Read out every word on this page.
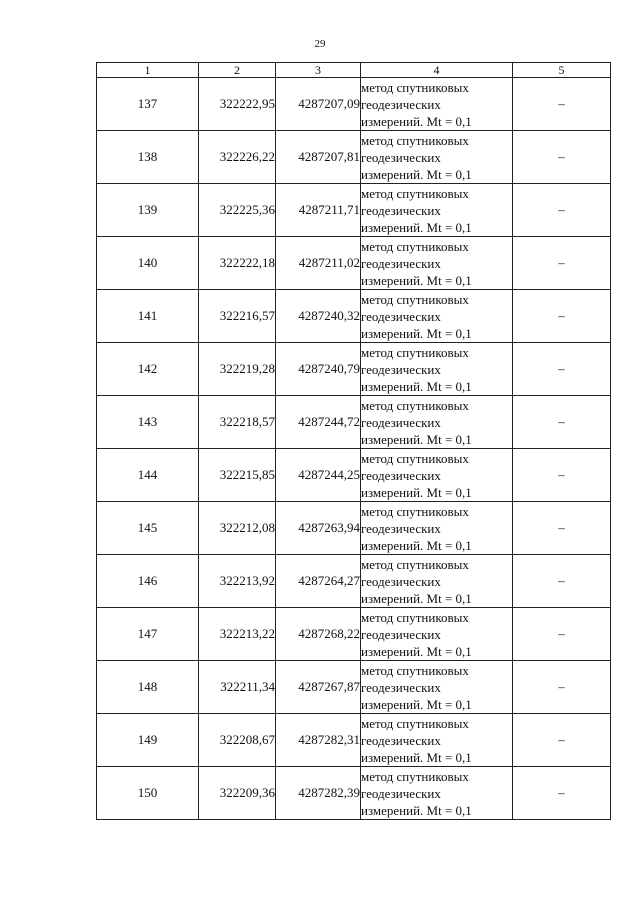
29
1	2	3	4	5
137	322222,95	4287207,09	метод спутниковых
геодезических
измерений. Mt = 0,1	–
138	322226,22	4287207,81	метод спутниковых
геодезических
измерений. Mt = 0,1	–
139	322225,36	4287211,71	метод спутниковых
геодезических
измерений. Mt = 0,1	–
140	322222,18	4287211,02	метод спутниковых
геодезических
измерений. Mt = 0,1	–
141	322216,57	4287240,32	метод спутниковых
геодезических
измерений. Mt = 0,1	–
142	322219,28	4287240,79	метод спутниковых
геодезических
измерений. Mt = 0,1	–
143	322218,57	4287244,72	метод спутниковых
геодезических
измерений. Mt = 0,1	–
144	322215,85	4287244,25	метод спутниковых
геодезических
измерений. Mt = 0,1	–
145	322212,08	4287263,94	метод спутниковых
геодезических
измерений. Mt = 0,1	–
146	322213,92	4287264,27	метод спутниковых
геодезических
измерений. Mt = 0,1	–
147	322213,22	4287268,22	метод спутниковых
геодезических
измерений. Mt = 0,1	–
148	322211,34	4287267,87	метод спутниковых
геодезических
измерений. Mt = 0,1	–
149	322208,67	4287282,31	метод спутниковых
геодезических
измерений. Mt = 0,1	–
150	322209,36	4287282,39	метод спутниковых
геодезических
измерений. Mt = 0,1	–
